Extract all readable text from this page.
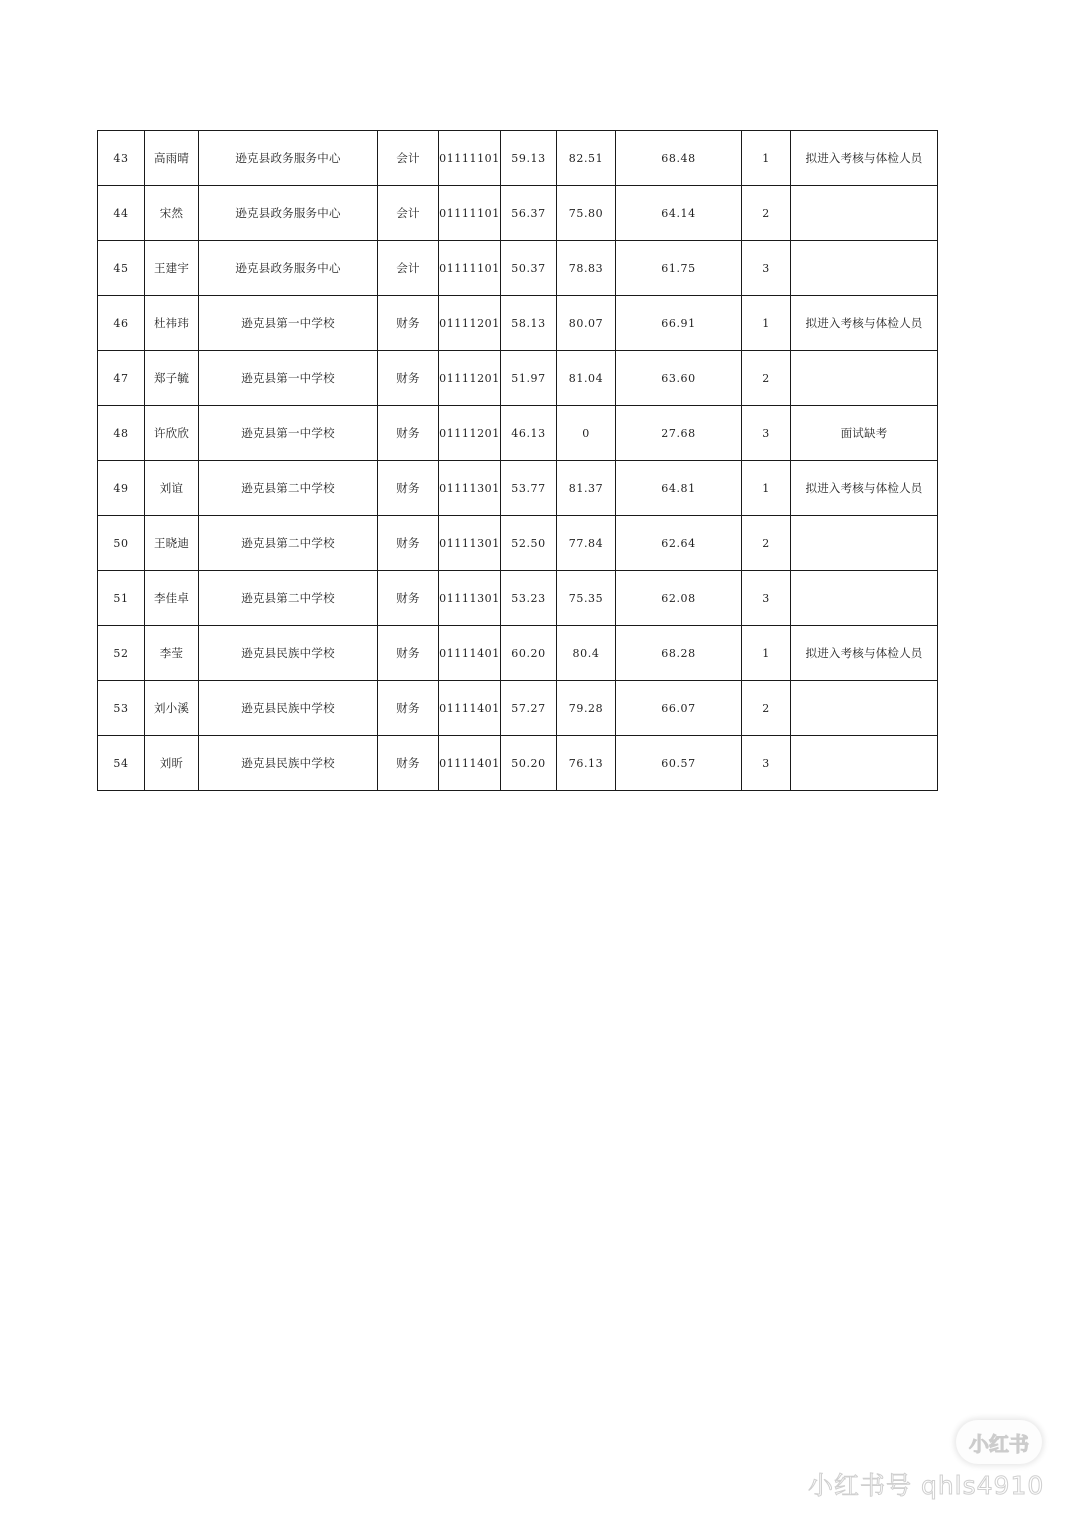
43	高雨晴	逊克县政务服务中心	会计	01111101	59.13	82.51	68.48	1	拟进入考核与体检人员
44	宋然	逊克县政务服务中心	会计	01111101	56.37	75.80	64.14	2	
45	王建宇	逊克县政务服务中心	会计	01111101	50.37	78.83	61.75	3	
46	杜祎玮	逊克县第一中学校	财务	01111201	58.13	80.07	66.91	1	拟进入考核与体检人员
47	郑子毓	逊克县第一中学校	财务	01111201	51.97	81.04	63.60	2	
48	许欣欣	逊克县第一中学校	财务	01111201	46.13	0	27.68	3	面试缺考
49	刘谊	逊克县第二中学校	财务	01111301	53.77	81.37	64.81	1	拟进入考核与体检人员
50	王晓迪	逊克县第二中学校	财务	01111301	52.50	77.84	62.64	2	
51	李佳卓	逊克县第二中学校	财务	01111301	53.23	75.35	62.08	3	
52	李莹	逊克县民族中学校	财务	01111401	60.20	80.4	68.28	1	拟进入考核与体检人员
53	刘小溪	逊克县民族中学校	财务	01111401	57.27	79.28	66.07	2	
54	刘昕	逊克县民族中学校	财务	01111401	50.20	76.13	60.57	3	
小红书
小红书号 qhls4910
